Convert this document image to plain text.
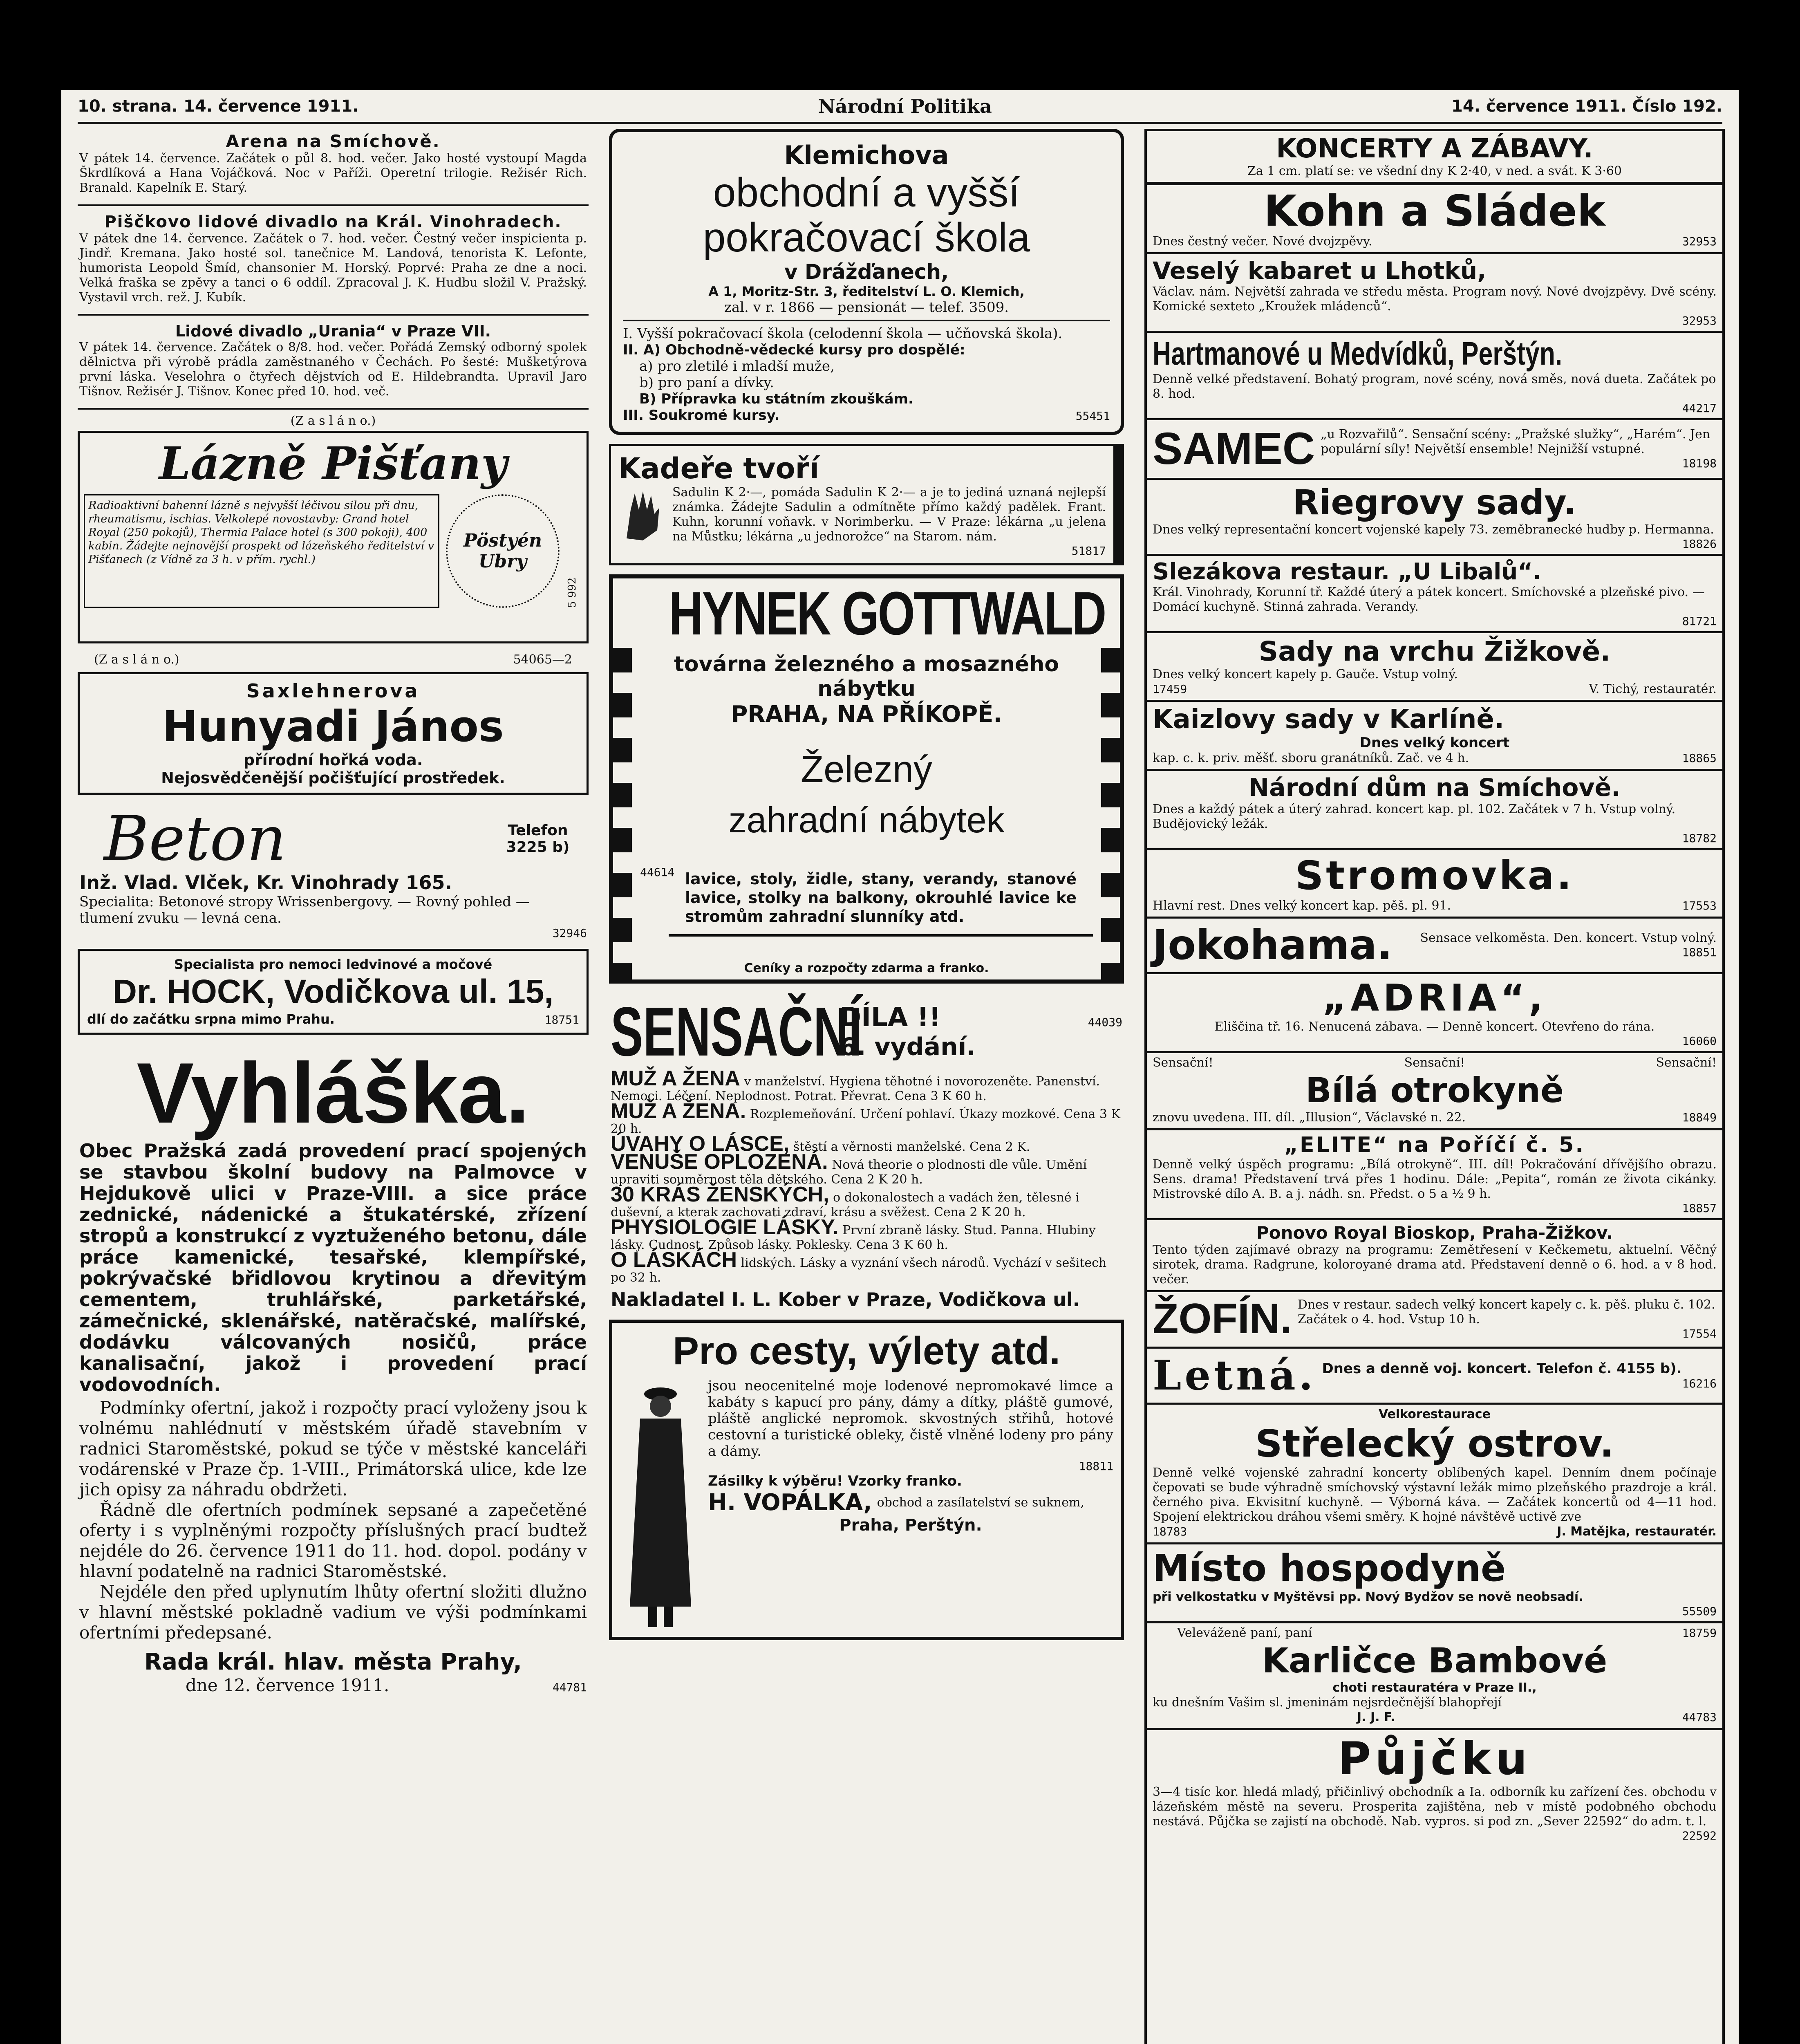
10. strana. 14. července 1911.	Národní Politika	14. července 1911. Číslo 192.
Arena na Smíchově.
V pátek 14. července. Začátek o půl 8. hod. večer. Jako hosté vystoupí Magda Škrdlíková a Hana Vojáčková. Noc v Paříži. Operetní trilogie. Režisér Rich. Branald. Kapelník E. Starý.
Piščkovo lidové divadlo na Král. Vinohradech.
V pátek dne 14. července. Začátek o 7. hod. večer. Čestný večer inspicienta p. Jindř. Kremana. Jako hosté sol. tanečnice M. Landová, tenorista K. Lefonte, humorista Leopold Šmíd, chansonier M. Horský. Poprvé: Praha ze dne a noci. Velká fraška se zpěvy a tanci o 6 oddíl. Zpracoval J. K. Hudbu složil V. Pražský. Vystavil vrch. rež. J. Kubík.
Lidové divadlo „Urania“ v Praze VII.
V pátek 14. července. Začátek o 8/8. hod. večer. Pořádá Zemský odborný spolek dělnictva při výrobě prádla zaměstnaného v Čechách. Po šesté: Mušketýrova první láska. Veselohra o čtyřech dějstvích od E. Hildebrandta. Upravil Jaro Tišnov. Režisér J. Tišnov. Konec před 10. hod. več.
(Z a s l á n o.)
Lázně Pišťany
Radioaktivní bahenní lázně s nejvyšší léčivou silou při dnu, rheumatismu, ischias. Velkolepé novostavby: Grand hotel Royal (250 pokojů), Thermia Palace hotel (s 300 pokoji), 400 kabin. Žádejte nejnovější prospekt od lázeňského ředitelství v Pišťanech (z Vídně za 3 h. v přím. rychl.)
Pöstyén Ubry
5 992
(Z a s l á n o.)	54065—2
Saxlehnerova
Hunyadi János
přírodní hořká voda.
Nejosvědčenější počišťující prostředek.
Beton	Telefon 3225 b)
Inž. Vlad. Vlček, Kr. Vinohrady 165.
Specialita: Betonové stropy Wrissenbergovy. — Rovný pohled — tlumení zvuku — levná cena.
32946
Specialista pro nemoci ledvinové a močové
Dr. HOCK, Vodičkova ul. 15,
dlí do začátku srpna mimo Prahu.	18751
Vyhláška.
Obec Pražská zadá provedení prací spojených se stavbou školní budovy na Palmovce v Hejdukově ulici v Praze-VIII. a sice práce zednické, nádenické a štukatérské, zřízení stropů a konstrukcí z vyztuženého betonu, dále práce kamenické, tesařské, klempířské, pokrývačské břidlovou krytinou a dřevitým cementem, truhlářské, parketářské, zámečnické, sklenářské, natěračské, malířské, dodávku válcovaných nosičů, práce kanalisační, jakož i provedení prací vodovodních.
Podmínky ofertní, jakož i rozpočty prací vyloženy jsou k volnému nahlédnutí v městském úřadě stavebním v radnici Staroměstské, pokud se týče v městské kanceláři vodárenské v Praze čp. 1-VIII., Primátorská ulice, kde lze jich opisy za náhradu obdržeti.
Řádně dle ofertních podmínek sepsané a zapečetěné oferty i s vyplněnými rozpočty příslušných prací budtež nejdéle do 26. července 1911 do 11. hod. dopol. podány v hlavní podatelně na radnici Staroměstské.
Nejdéle den před uplynutím lhůty ofertní složiti dlužno v hlavní městské pokladně vadium ve výši podmínkami ofertními předepsané.
Rada král. hlav. města Prahy,
dne 12. července 1911.	44781
Klemichova
obchodní a vyšší
pokračovací škola
v Drážďanech,
A 1, Moritz-Str. 3, ředitelství L. O. Klemich,
zal. v r. 1866 — pensionát — telef. 3509.
I. Vyšší pokračovací škola (celodenní škola — učňovská škola).
II. A) Obchodně-vědecké kursy pro dospělé:
a) pro zletilé i mladší muže,
b) pro paní a dívky.
B) Přípravka ku státním zkouškám.
III. Soukromé kursy.	55451
Kadeře tvoří
Sadulin K 2·—, pomáda Sadulin K 2·— a je to jediná uznaná nejlepší známka. Žádejte Sadulin a odmítněte přímo každý padělek. Frant. Kuhn, korunní voňavk. v Norimberku. — V Praze: lékárna „u jelena na Můstku; lékárna „u jednorožce“ na Starom. nám.
51817
HYNEK GOTTWALD
továrna železného a mosazného nábytku
PRAHA, NA PŘÍKOPĚ.
Železný
zahradní nábytek
44614 lavice, stoly, židle, stany, verandy, stanové lavice, stolky na balkony, okrouhlé lavice ke stromům zahradní slunníky atd.
Ceníky a rozpočty zdarma a franko.
SENSAČNÍ
DÍLA !!	44039
6. vydání.
MUŽ A ŽENA v manželství. Hygiena těhotné i novorozeněte. Panenství. Nemoci. Léčení. Neplodnost. Potrat. Převrat. Cena 3 K 60 h.
MUŽ A ŽENA. Rozplemeňování. Určení pohlaví. Úkazy mozkové. Cena 3 K 20 h.
ÚVAHY O LÁSCE, štěstí a věrnosti manželské. Cena 2 K.
VENUŠE OPLOZENÁ. Nová theorie o plodnosti dle vůle. Umění upraviti souměrnost těla dětského. Cena 2 K 20 h.
30 KRÁS ŽENSKÝCH, o dokonalostech a vadách žen, tělesné i duševní, a kterak zachovati zdraví, krásu a svěžest. Cena 2 K 20 h.
PHYSIOLOGIE LÁSKY. První zbraně lásky. Stud. Panna. Hlubiny lásky. Cudnost. Způsob lásky. Poklesky. Cena 3 K 60 h.
O LÁSKÁCH lidských. Lásky a vyznání všech národů. Vychází v sešitech po 32 h.
Nakladatel I. L. Kober v Praze, Vodičkova ul.
Pro cesty, výlety atd.
jsou neocenitelné moje lodenové nepromokavé limce a kabáty s kapucí pro pány, dámy a dítky, pláště gumové, pláště anglické nepromok. skvostných střihů, hotové cestovní a turistické obleky, čistě vlněné lodeny pro pány a dámy.
18811
Zásilky k výběru! Vzorky franko.
H. VOPÁLKA, obchod a zasílatelství se suknem,
Praha, Perštýn.
KONCERTY A ZÁBAVY.
Za 1 cm. platí se: ve všední dny K 2·40, v ned. a svát. K 3·60
Kohn a Sládek
Dnes čestný večer. Nové dvojzpěvy.	32953
Veselý kabaret u Lhotků,
Václav. nám. Největší zahrada ve středu města. Program nový. Nové dvojzpěvy. Dvě scény. Komické sexteto „Kroužek mládenců“.
32953
Hartmanové u Medvídků, Perštýn.
Denně velké představení. Bohatý program, nové scény, nová směs, nová dueta. Začátek po 8. hod.
44217
SAMEC „u Rozvařilů“. Sensační scény: „Pražské služky“, „Harém“. Jen populární síly! Největší ensemble! Nejnižší vstupné.
18198
Riegrovy sady.
Dnes velký representační koncert vojenské kapely 73. zeměbranecké hudby p. Hermanna.
18826
Slezákova restaur. „U Libalů“.
Král. Vinohrady, Korunní tř. Každé úterý a pátek koncert. Smíchovské a plzeňské pivo. — Domácí kuchyně. Stinná zahrada. Verandy.
81721
Sady na vrchu Žižkově.
Dnes velký koncert kapely p. Gauče. Vstup volný.
17459	V. Tichý, restauratér.
Kaizlovy sady v Karlíně.
Dnes velký koncert
kap. c. k. priv. měšť. sboru granátníků. Zač. ve 4 h.	18865
Národní dům na Smíchově.
Dnes a každý pátek a úterý zahrad. koncert kap. pl. 102. Začátek v 7 h. Vstup volný. Budějovický ležák.
18782
Stromovka.
Hlavní rest. Dnes velký koncert kap. pěš. pl. 91.	17553
Jokohama.	Sensace velkoměsta. Den. koncert. Vstup volný.
18851
„ADRIA“,
Eliščina tř. 16. Nenucená zábava. — Denně koncert. Otevřeno do rána.
16060
Sensační!	Sensační!	Sensační!
Bílá otrokyně
znovu uvedena. III. díl. „Illusion“, Václavské n. 22.	18849
„ELITE“ na Poříčí č. 5.
Denně velký úspěch programu: „Bílá otrokyně“. III. díl! Pokračování dřívějšího obrazu. Sens. drama! Představení trvá přes 1 hodinu. Dále: „Pepita“, román ze života cikánky. Mistrovské dílo A. B. a j. nádh. sn. Předst. o 5 a ½ 9 h.
18857
Ponovo Royal Bioskop, Praha-Žižkov.
Tento týden zajímavé obrazy na programu: Zemětřesení v Kečkemetu, aktuelní. Věčný sirotek, drama. Radgrune, koloroyané drama atd. Představení denně o 6. hod. a v 8 hod. večer.
ŽOFÍN. Dnes v restaur. sadech velký koncert kapely c. k. pěš. pluku č. 102. Začátek o 4. hod. Vstup 10 h.
17554
Letná. Dnes a denně voj. koncert. Telefon č. 4155 b).
16216
Velkorestaurace
Střelecký ostrov.
Denně velké vojenské zahradní koncerty oblíbených kapel. Denním dnem počínaje čepovati se bude výhradně smíchovský výstavní ležák mimo plzeňského prazdroje a král. černého piva. Ekvisitní kuchyně. — Výborná káva. — Začátek koncertů od 4—11 hod. Spojení elektrickou dráhou všemi směry. K hojné návštěvě uctivě zve
18783	J. Matějka, restauratér.
Místo hospodyně
při velkostatku v Myštěvsi pp. Nový Bydžov se nově neobsadí.
55509
Veleváženě paní, paní	18759
Karličce Bambové
choti restauratéra v Praze II.,
ku dnešním Vašim sl. jmeninám nejsrdečnější blahopřejí
J. J. F.	44783
Půjčku
3—4 tisíc kor. hledá mladý, přičinlivý obchodník a Ia. odborník ku zařízení čes. obchodu v lázeňském městě na severu. Prosperita zajištěna, neb v místě podobného obchodu nestává. Půjčka se zajistí na obchodě. Nab. vypros. si pod zn. „Sever 22592“ do adm. t. l.
22592
